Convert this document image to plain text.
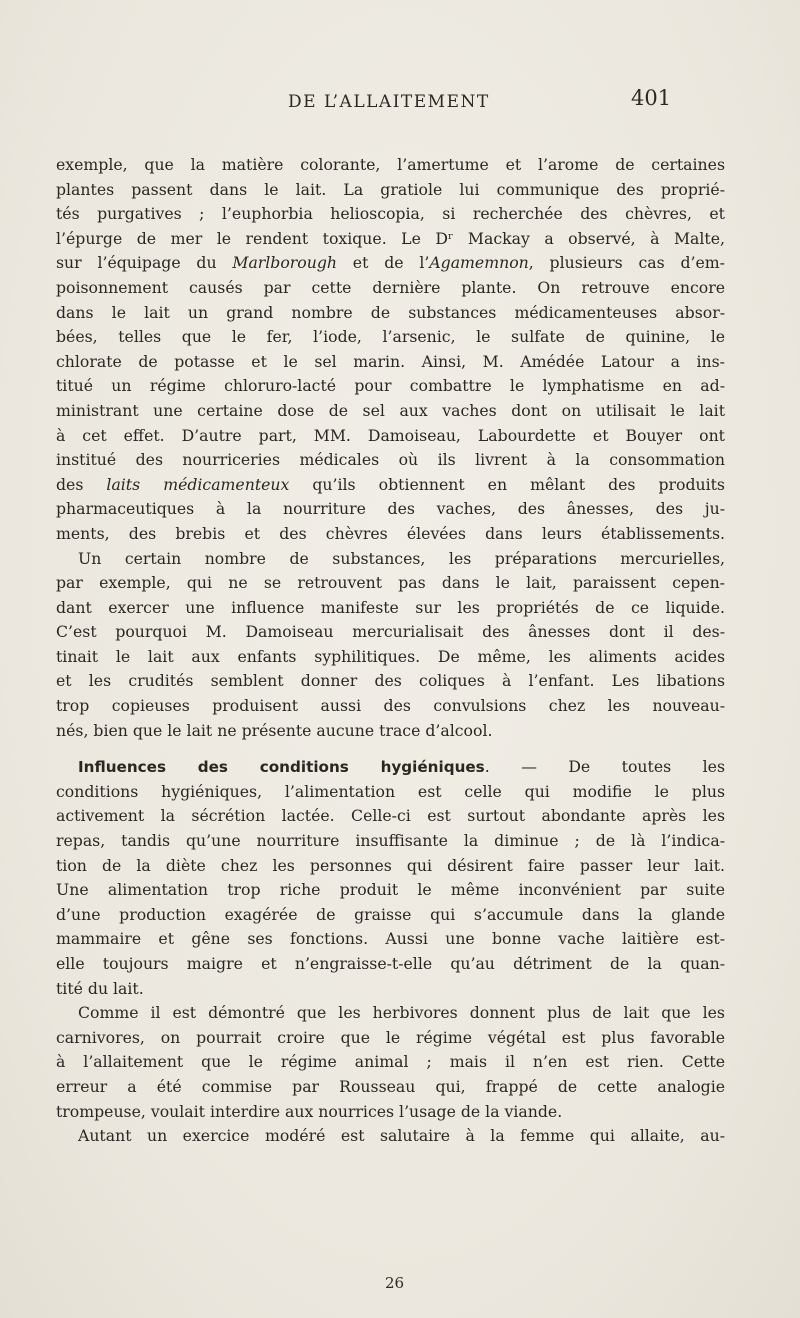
DE L’ALLAITEMENT	401
exemple, que la matière colorante, l’amertume et l’arome de certaines
plantes passent dans le lait. La gratiole lui communique des proprié-
tés purgatives ; l’euphorbia helioscopia, si recherchée des chèvres, et
l’épurge de mer le rendent toxique. Le Dʳ Mackay a observé, à Malte,
sur l’équipage du Marlborough et de l’Agamemnon, plusieurs cas d’em-
poisonnement causés par cette dernière plante. On retrouve encore
dans le lait un grand nombre de substances médicamenteuses absor-
bées, telles que le fer, l’iode, l’arsenic, le sulfate de quinine, le
chlorate de potasse et le sel marin. Ainsi, M. Amédée Latour a ins-
titué un régime chloruro-lacté pour combattre le lymphatisme en ad-
ministrant une certaine dose de sel aux vaches dont on utilisait le lait
à cet effet. D’autre part, MM. Damoiseau, Labourdette et Bouyer ont
institué des nourriceries médicales où ils livrent à la consommation
des laits médicamenteux qu’ils obtiennent en mêlant des produits
pharmaceutiques à la nourriture des vaches, des ânesses, des ju-
ments, des brebis et des chèvres élevées dans leurs établissements.
Un certain nombre de substances, les préparations mercurielles,
par exemple, qui ne se retrouvent pas dans le lait, paraissent cepen-
dant exercer une influence manifeste sur les propriétés de ce liquide.
C’est pourquoi M. Damoiseau mercurialisait des ânesses dont il des-
tinait le lait aux enfants syphilitiques. De même, les aliments acides
et les crudités semblent donner des coliques à l’enfant. Les libations
trop copieuses produisent aussi des convulsions chez les nouveau-
nés, bien que le lait ne présente aucune trace d’alcool.
Influences des conditions hygiéniques. — De toutes les
conditions hygiéniques, l’alimentation est celle qui modifie le plus
activement la sécrétion lactée. Celle-ci est surtout abondante après les
repas, tandis qu’une nourriture insuffisante la diminue ; de là l’indica-
tion de la diète chez les personnes qui désirent faire passer leur lait.
Une alimentation trop riche produit le même inconvénient par suite
d’une production exagérée de graisse qui s’accumule dans la glande
mammaire et gêne ses fonctions. Aussi une bonne vache laitière est-
elle toujours maigre et n’engraisse-t-elle qu’au détriment de la quan-
tité du lait.
Comme il est démontré que les herbivores donnent plus de lait que les
carnivores, on pourrait croire que le régime végétal est plus favorable
à l’allaitement que le régime animal ; mais il n’en est rien. Cette
erreur a été commise par Rousseau qui, frappé de cette analogie
trompeuse, voulait interdire aux nourrices l’usage de la viande.
Autant un exercice modéré est salutaire à la femme qui allaite, au-
26
